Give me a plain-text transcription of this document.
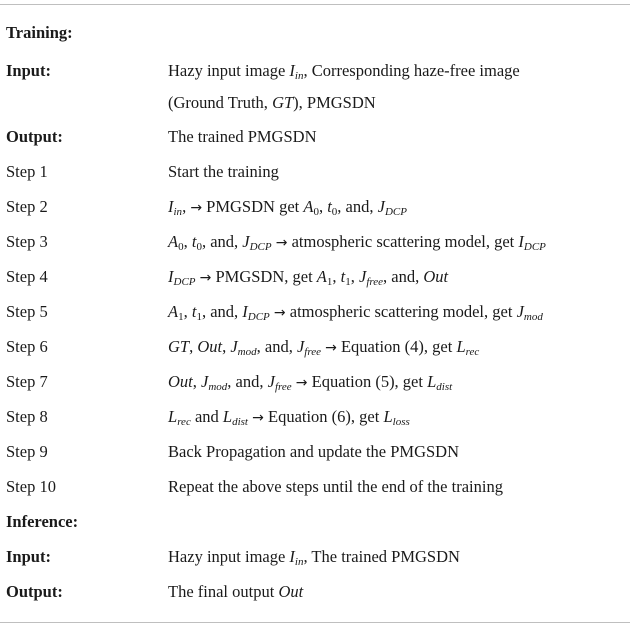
Training:
Input:	Hazy input image $I_{in}$, Corresponding haze-free image
(Ground Truth, GT), PMGSDN
Output:	The trained PMGSDN
Step 1	Start the training
Step 2	$I_{in}$, → PMGSDN get $A_0$, $t_0$, and, $J_{DCP}$
Step 3	$A_0$, $t_0$, and, $J_{DCP}$ → atmospheric scattering model, get $I_{DCP}$
Step 4	$I_{DCP}$ → PMGSDN, get $A_1$, $t_1$, $J_{free}$, and, Out
Step 5	$A_1$, $t_1$, and, $I_{DCP}$ → atmospheric scattering model, get $J_{mod}$
Step 6	GT, Out, $J_{mod}$, and, $J_{free}$ → Equation (4), get $L_{rec}$
Step 7	Out, $J_{mod}$, and, $J_{free}$ → Equation (5), get $L_{dist}$
Step 8	$L_{rec}$ and $L_{dist}$ → Equation (6), get $L_{loss}$
Step 9	Back Propagation and update the PMGSDN
Step 10	Repeat the above steps until the end of the training
Inference:
Input:	Hazy input image $I_{in}$, The trained PMGSDN
Output:	The final output Out
